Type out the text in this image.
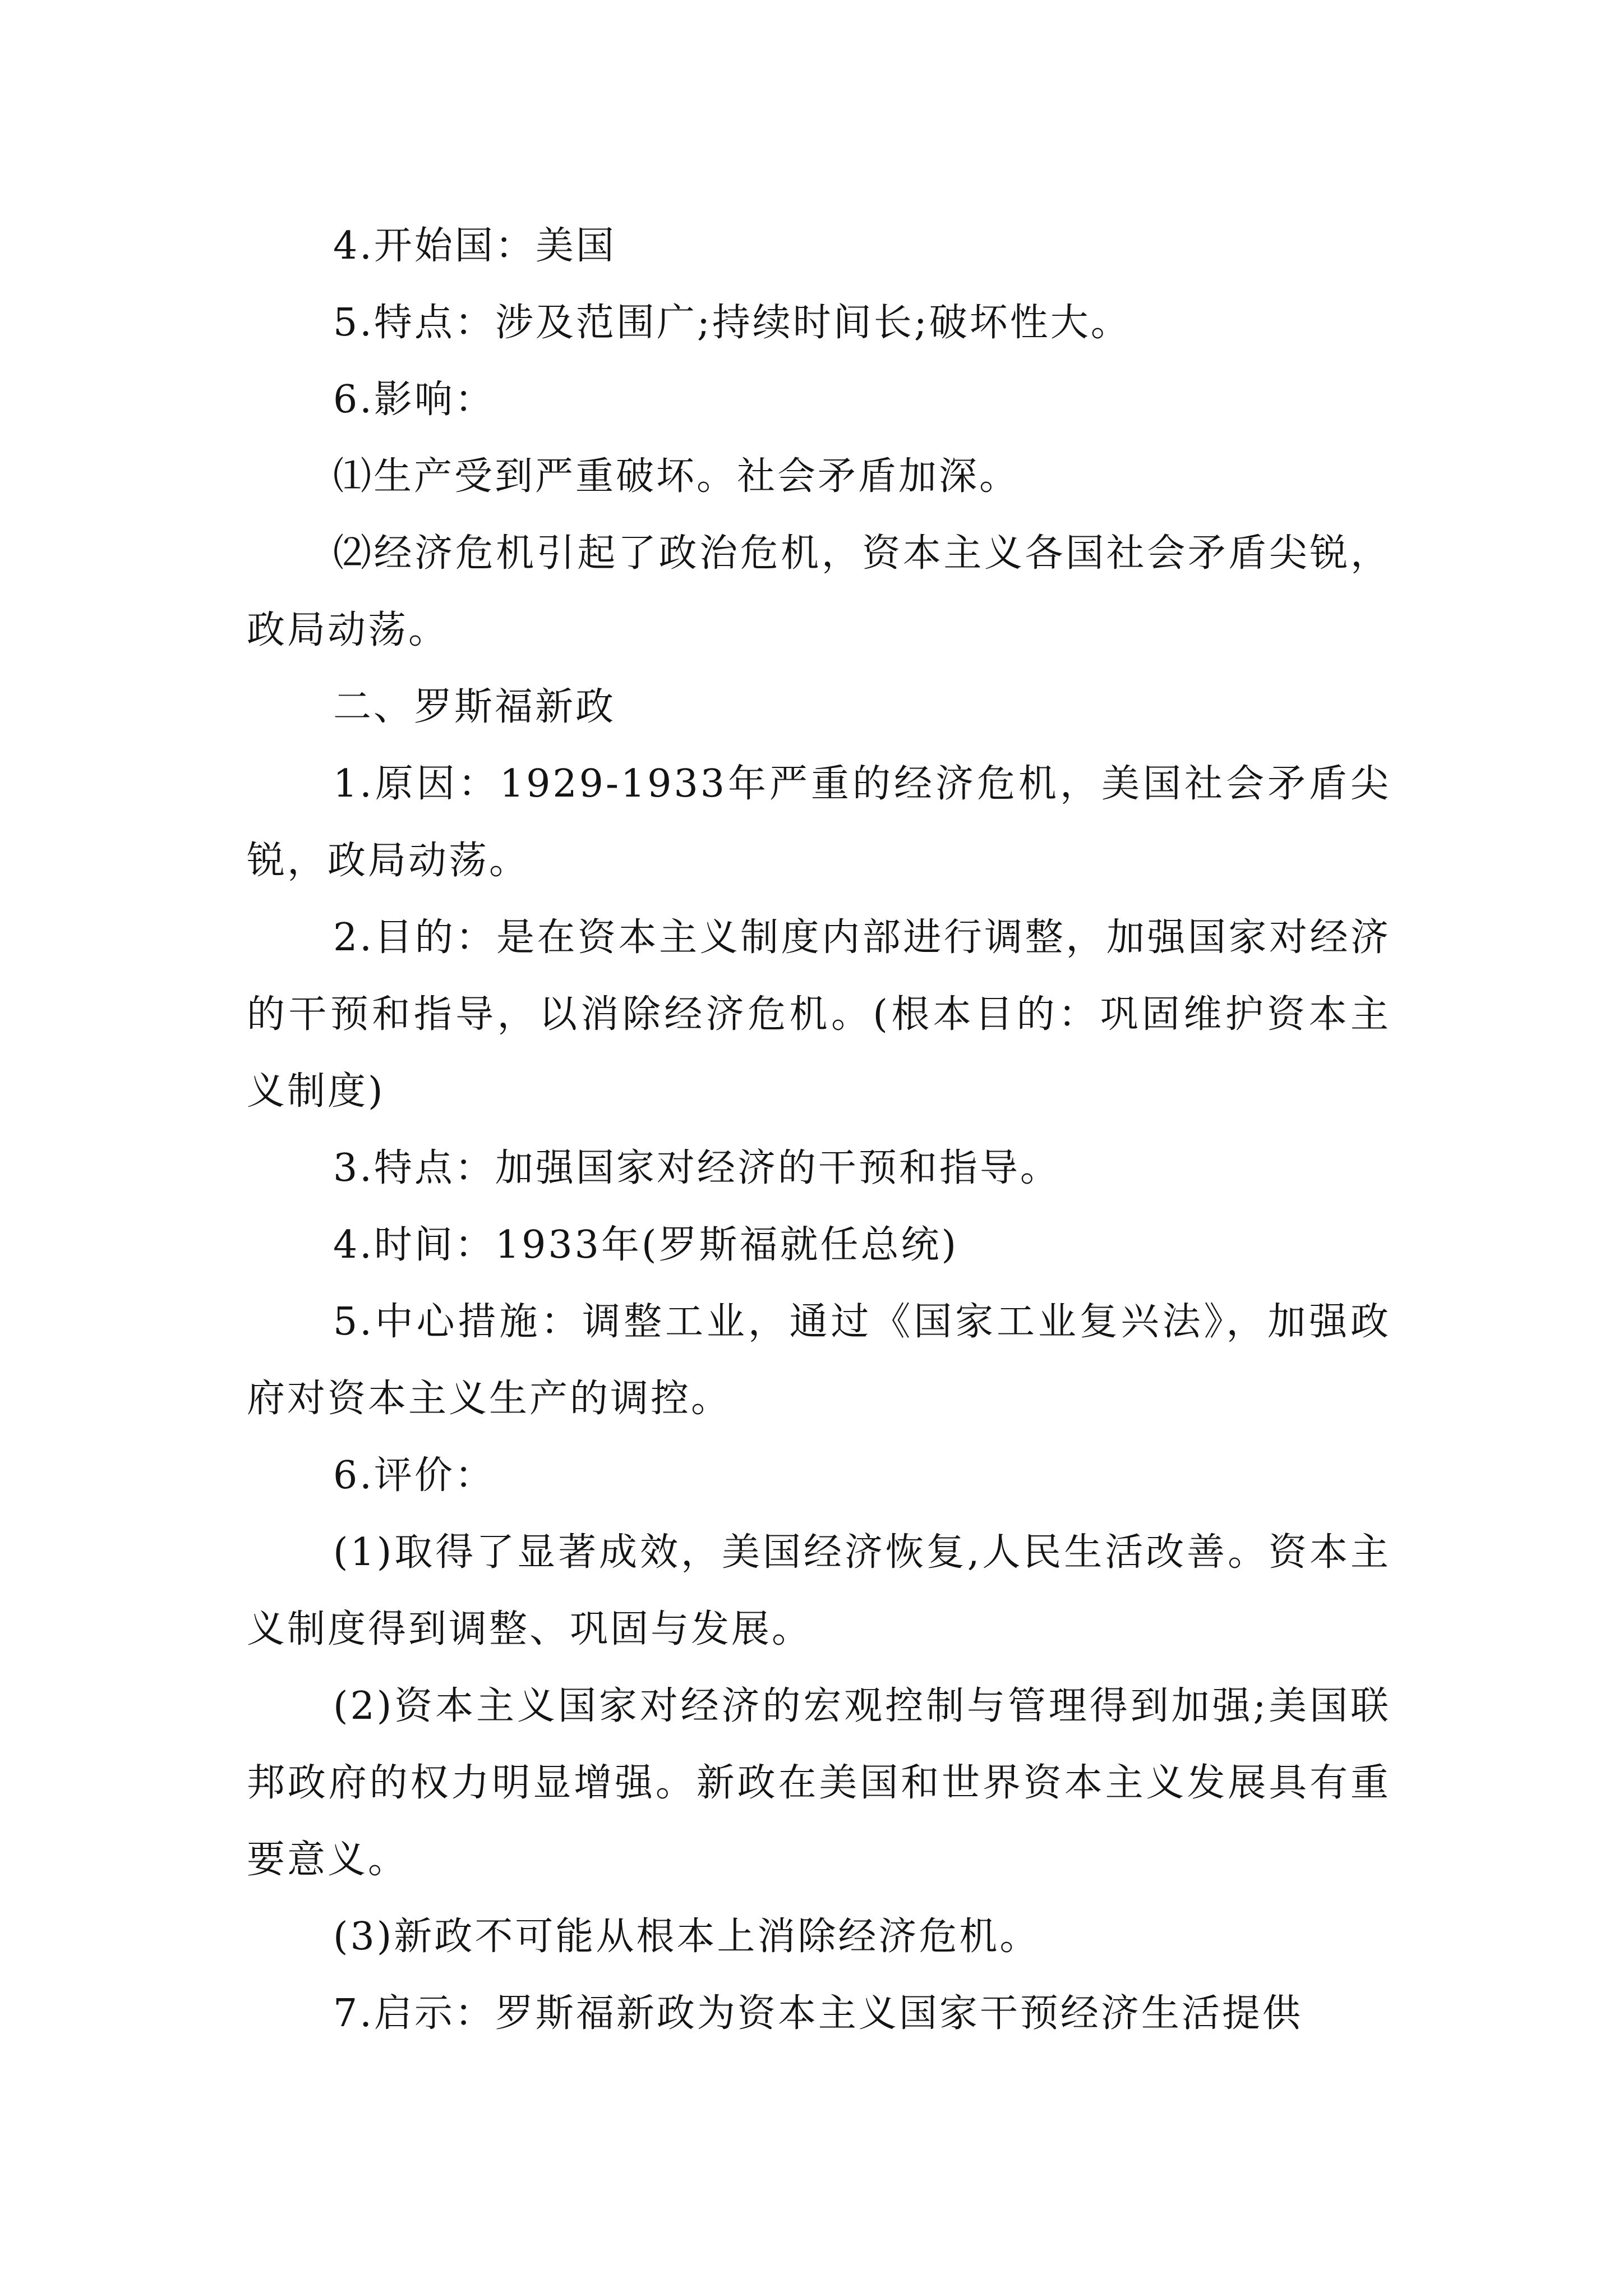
4.开始国：美国

5.特点：涉及范围广;持续时间长;破坏性大。

6.影响：

⑴生产受到严重破坏。社会矛盾加深。

⑵经济危机引起了政治危机，资本主义各国社会矛盾尖锐，政局动荡。

二、罗斯福新政

1.原因：1929-1933年严重的经济危机，美国社会矛盾尖锐，政局动荡。

2.目的：是在资本主义制度内部进行调整，加强国家对经济的干预和指导，以消除经济危机。(根本目的：巩固维护资本主义制度)

3.特点：加强国家对经济的干预和指导。

4.时间：1933年(罗斯福就任总统)

5.中心措施：调整工业，通过《国家工业复兴法》，加强政府对资本主义生产的调控。

6.评价：

(1)取得了显著成效，美国经济恢复,人民生活改善。资本主义制度得到调整、巩固与发展。

(2)资本主义国家对经济的宏观控制与管理得到加强;美国联邦政府的权力明显增强。新政在美国和世界资本主义发展具有重要意义。

(3)新政不可能从根本上消除经济危机。

7.启示：罗斯福新政为资本主义国家干预经济生活提供
